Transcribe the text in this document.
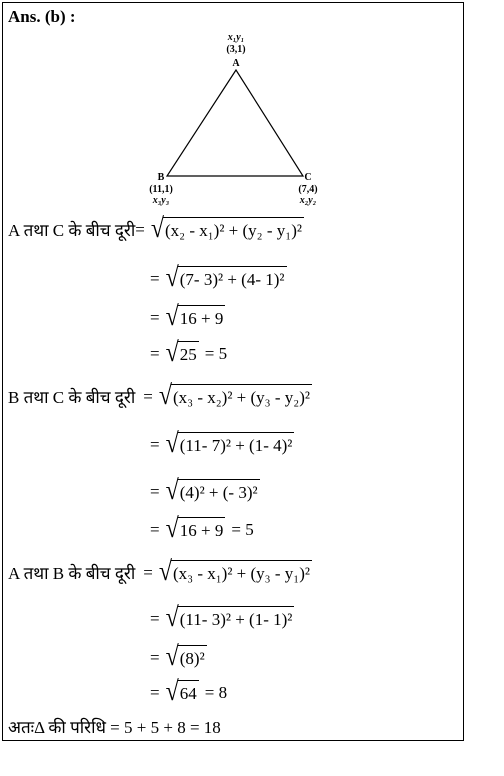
Ans. (b) :
x₁y₁
(3,1)
A
B
(11,1)
x₃y₃
C
(7,4)
x₂y₂
A तथा C के बीच दूरी = √ (x₂ - x₁)² + (y₂ - y₁)²
= √ (7- 3)² + (4- 1)²
= √ 16 + 9
= √ 25 = 5
B तथा C के बीच दूरी = √ (x₃ - x₂)² + (y₃ - y₂)²
= √ (11- 7)² + (1- 4)²
= √ (4)² + (- 3)²
= √ 16 + 9 = 5
A तथा B के बीच दूरी = √ (x₃ - x₁)² + (y₃ - y₁)²
= √ (11- 3)² + (1- 1)²
= √ (8)²
= √ 64 = 8
अतःΔ की परिधि = 5 + 5 + 8 = 18
